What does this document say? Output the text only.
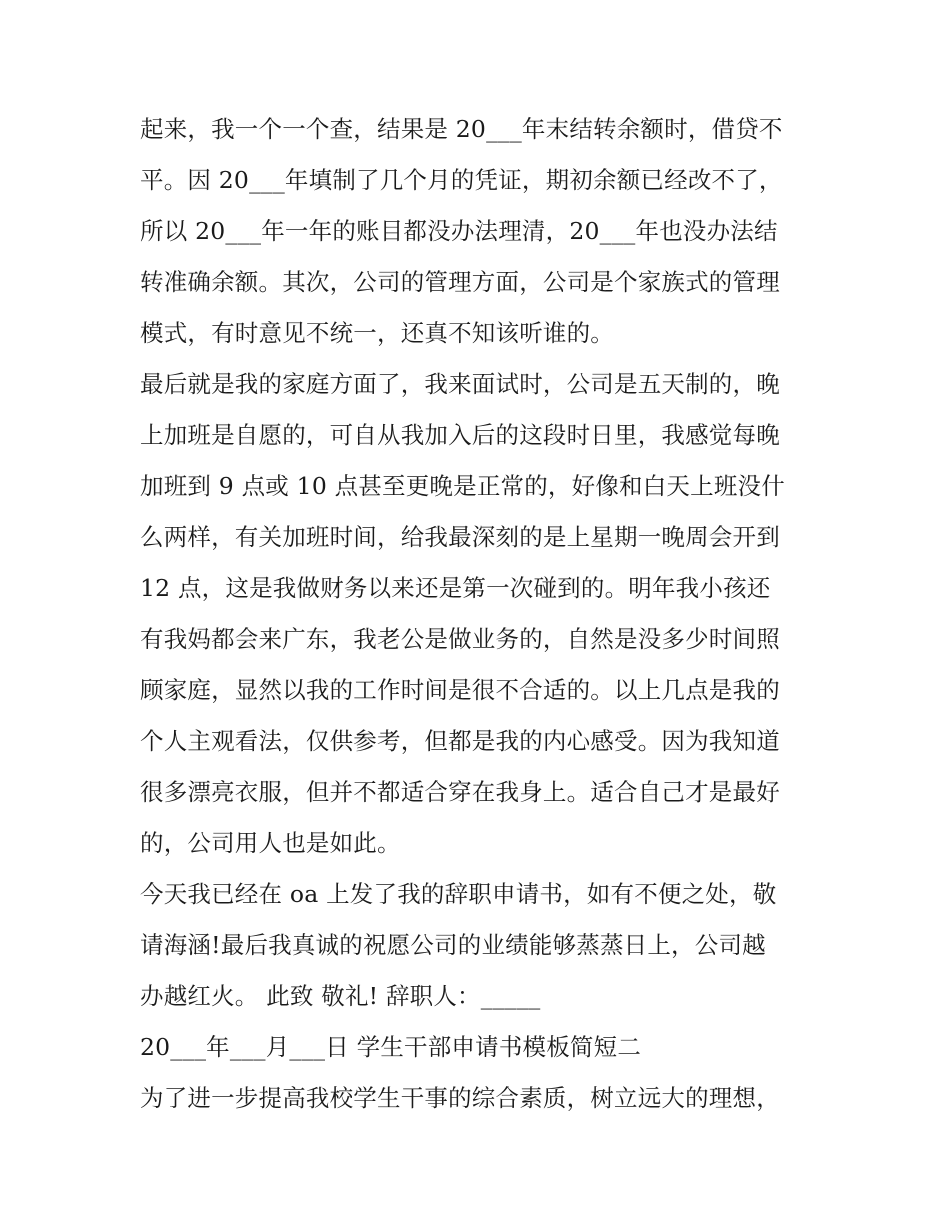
起来，我一个一个查，结果是 20___年末结转余额时，借贷不
平。因 20___年填制了几个月的凭证，期初余额已经改不了，
所以 20___年一年的账目都没办法理清，20___年也没办法结
转准确余额。其次，公司的管理方面，公司是个家族式的管理
模式，有时意见不统一，还真不知该听谁的。
最后就是我的家庭方面了，我来面试时，公司是五天制的，晚
上加班是自愿的，可自从我加入后的这段时日里，我感觉每晚
加班到 9 点或 10 点甚至更晚是正常的，好像和白天上班没什
么两样，有关加班时间，给我最深刻的是上星期一晚周会开到
12 点，这是我做财务以来还是第一次碰到的。明年我小孩还
有我妈都会来广东，我老公是做业务的，自然是没多少时间照
顾家庭，显然以我的工作时间是很不合适的。以上几点是我的
个人主观看法，仅供参考，但都是我的内心感受。因为我知道
很多漂亮衣服，但并不都适合穿在我身上。适合自己才是最好
的，公司用人也是如此。
今天我已经在 oa 上发了我的辞职申请书，如有不便之处，敬
请海涵!最后我真诚的祝愿公司的业绩能够蒸蒸日上，公司越
办越红火。 此致 敬礼! 辞职人：_____
20___年___月___日 学生干部申请书模板简短二
为了进一步提高我校学生干事的综合素质，树立远大的理想，
